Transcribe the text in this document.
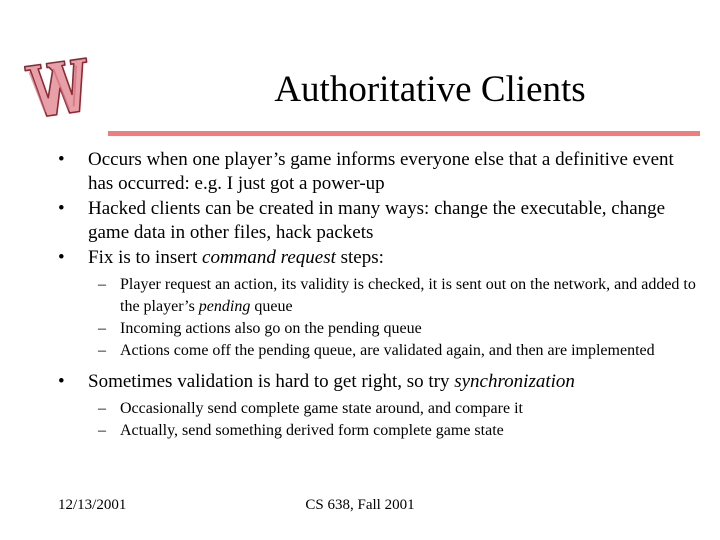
Authoritative Clients
• Occurs when one player’s game informs everyone else that a definitive event has occurred: e.g. I just got a power-up
• Hacked clients can be created in many ways: change the executable, change game data in other files, hack packets
• Fix is to insert command request steps:
– Player request an action, its validity is checked, it is sent out on the network, and added to the player’s pending queue
– Incoming actions also go on the pending queue
– Actions come off the pending queue, are validated again, and then are implemented
• Sometimes validation is hard to get right, so try synchronization
– Occasionally send complete game state around, and compare it
– Actually, send something derived form complete game state
12/13/2001	CS 638, Fall 2001
